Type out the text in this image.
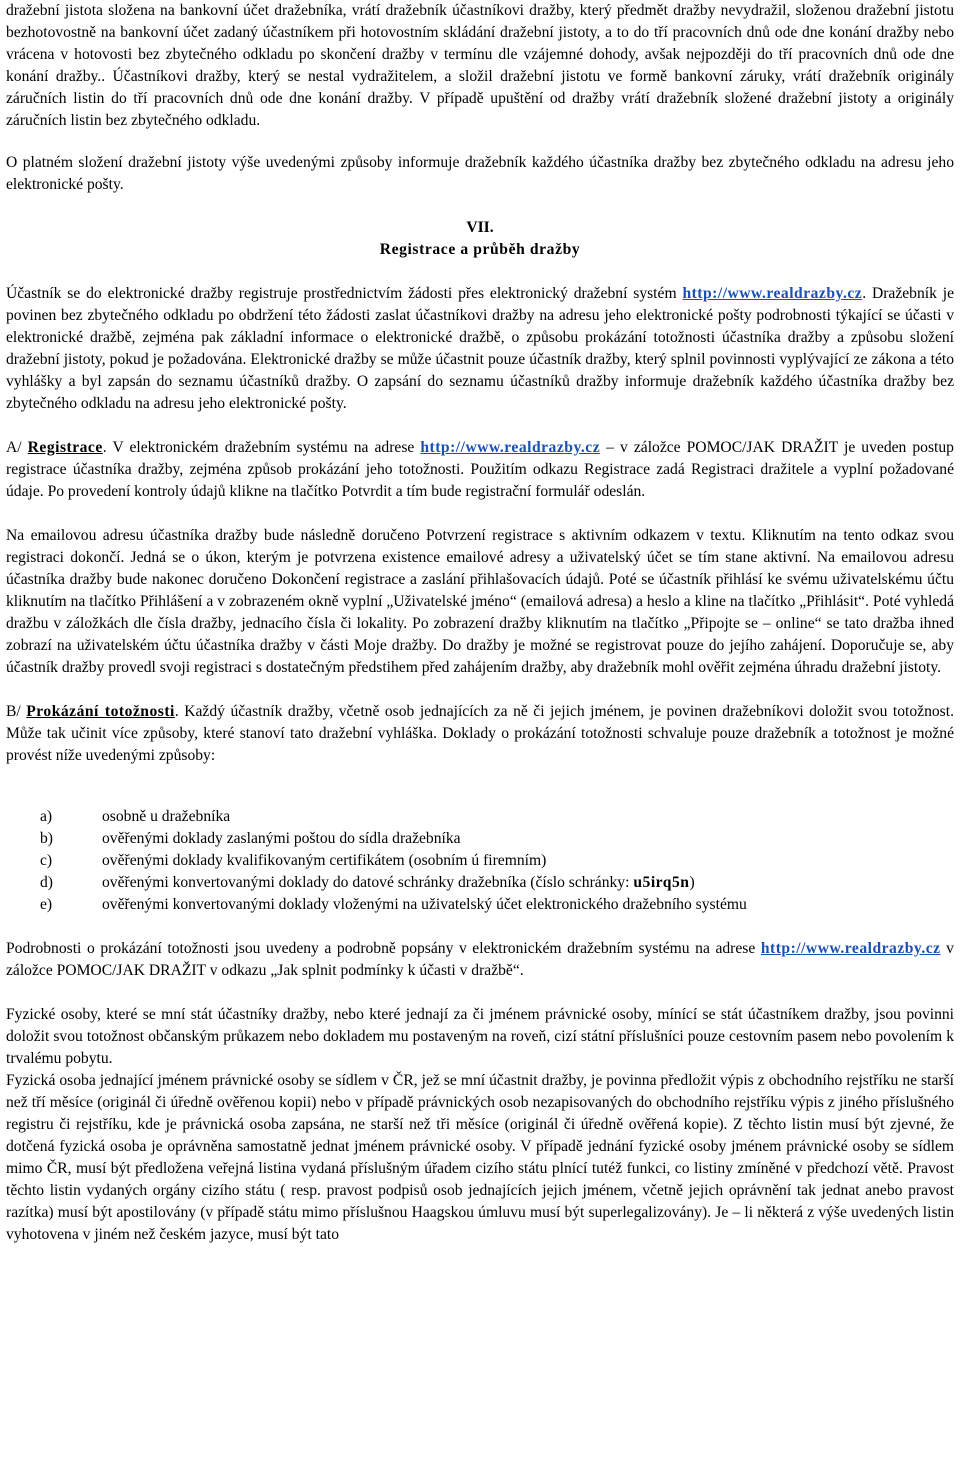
dražební jistota složena na bankovní účet dražebníka, vrátí dražebník účastníkovi dražby, který předmět dražby nevydražil, složenou dražební jistotu bezhotovostně na bankovní účet zadaný účastníkem při hotovostním skládání dražební jistoty, a to do tří pracovních dnů ode dne konání dražby nebo vrácena v hotovosti bez zbytečného odkladu po skončení dražby v termínu dle vzájemné dohody, avšak nejpozději do tří pracovních dnů ode dne konání dražby.. Účastníkovi dražby, který se nestal vydražitelem, a složil dražební jistotu ve formě bankovní záruky, vrátí dražebník originály záručních listin do tří pracovních dnů ode dne konání dražby. V případě upuštění od dražby vrátí dražebník složené dražební jistoty a originály záručních listin bez zbytečného odkladu.

O platném složení dražební jistoty výše uvedenými způsoby informuje dražebník každého účastníka dražby bez zbytečného odkladu na adresu jeho elektronické pošty.

VII.
Registrace a průběh dražby

Účastník se do elektronické dražby registruje prostřednictvím žádosti přes elektronický dražební systém http://www.realdrazby.cz. Dražebník je povinen bez zbytečného odkladu po obdržení této žádosti zaslat účastníkovi dražby na adresu jeho elektronické pošty podrobnosti týkající se účasti v elektronické dražbě, zejména pak základní informace o elektronické dražbě, o způsobu prokázání totožnosti účastníka dražby a způsobu složení dražební jistoty, pokud je požadována. Elektronické dražby se může účastnit pouze účastník dražby, který splnil povinnosti vyplývající ze zákona a této vyhlášky a byl zapsán do seznamu účastníků dražby. O zapsání do seznamu účastníků dražby informuje dražebník každého účastníka dražby bez zbytečného odkladu na adresu jeho elektronické pošty.

A/ Registrace. V elektronickém dražebním systému na adrese http://www.realdrazby.cz – v záložce POMOC/JAK DRAŽIT je uveden postup registrace účastníka dražby, zejména způsob prokázání jeho totožnosti. Použitím odkazu Registrace zadá Registraci dražitele a vyplní požadované údaje. Po provedení kontroly údajů klikne na tlačítko Potvrdit a tím bude registrační formulář odeslán.

Na emailovou adresu účastníka dražby bude následně doručeno Potvrzení registrace s aktivním odkazem v textu. Kliknutím na tento odkaz svou registraci dokončí. Jedná se o úkon, kterým je potvrzena existence emailové adresy a uživatelský účet se tím stane aktivní. Na emailovou adresu účastníka dražby bude nakonec doručeno Dokončení registrace a zaslání přihlašovacích údajů. Poté se účastník přihlásí ke svému uživatelskému účtu kliknutím na tlačítko Přihlášení a v zobrazeném okně vyplní „Uživatelské jméno“ (emailová adresa) a heslo a kline na tlačítko „Přihlásit“. Poté vyhledá dražbu v záložkách dle čísla dražby, jednacího čísla či lokality. Po zobrazení dražby kliknutím na tlačítko „Připojte se – online“ se tato dražba ihned zobrazí na uživatelském účtu účastníka dražby v části Moje dražby. Do dražby je možné se registrovat pouze do jejího zahájení. Doporučuje se, aby účastník dražby provedl svoji registraci s dostatečným předstihem před zahájením dražby, aby dražebník mohl ověřit zejména úhradu dražební jistoty.

B/ Prokázání totožnosti. Každý účastník dražby, včetně osob jednajících za ně či jejich jménem, je povinen dražebníkovi doložit svou totožnost. Může tak učinit více způsoby, které stanoví tato dražební vyhláška. Doklady o prokázání totožnosti schvaluje pouze dražebník a totožnost je možné provést níže uvedenými způsoby:

a)	osobně u dražebníka
b)	ověřenými doklady zaslanými poštou do sídla dražebníka
c)	ověřenými doklady kvalifikovaným certifikátem (osobním ú firemním)
d)	ověřenými konvertovanými doklady do datové schránky dražebníka (číslo schránky: u5irq5n)
e)	ověřenými konvertovanými doklady vloženými na uživatelský účet elektronického dražebního systému

Podrobnosti o prokázání totožnosti jsou uvedeny a podrobně popsány v elektronickém dražebním systému na adrese http://www.realdrazby.cz v záložce POMOC/JAK DRAŽIT v odkazu „Jak splnit podmínky k účasti v dražbě“.

Fyzické osoby, které se mní stát účastníky dražby, nebo které jednají za či jménem právnické osoby, mínící se stát účastníkem dražby, jsou povinni doložit svou totožnost občanským průkazem nebo dokladem mu postaveným na roveň, cizí státní příslušníci pouze cestovním pasem nebo povolením k trvalému pobytu.

Fyzická osoba jednající jménem právnické osoby se sídlem v ČR, jež se mní účastnit dražby, je povinna předložit výpis z obchodního rejstříku ne starší než tří měsíce (originál či úředně ověřenou kopii) nebo v případě právnických osob nezapisovaných do obchodního rejstříku výpis z jiného příslušného registru či rejstříku, kde je právnická osoba zapsána, ne starší než tři měsíce (originál či úředně ověřená kopie). Z těchto listin musí být zjevné, že dotčená fyzická osoba je oprávněna samostatně jednat jménem právnické osoby. V případě jednání fyzické osoby jménem právnické osoby se sídlem mimo ČR, musí být předložena veřejná listina vydaná příslušným úřadem cizího státu plnící tutéž funkci, co listiny zmíněné v předchozí větě. Pravost těchto listin vydaných orgány cizího státu ( resp. pravost podpisů osob jednajících jejich jménem, včetně jejich oprávnění tak jednat anebo pravost razítka) musí být apostilovány (v případě státu mimo příslušnou Haagskou úmluvu musí být superlegalizovány). Je – li některá z výše uvedených listin vyhotovena v jiném než českém jazyce, musí být tato
